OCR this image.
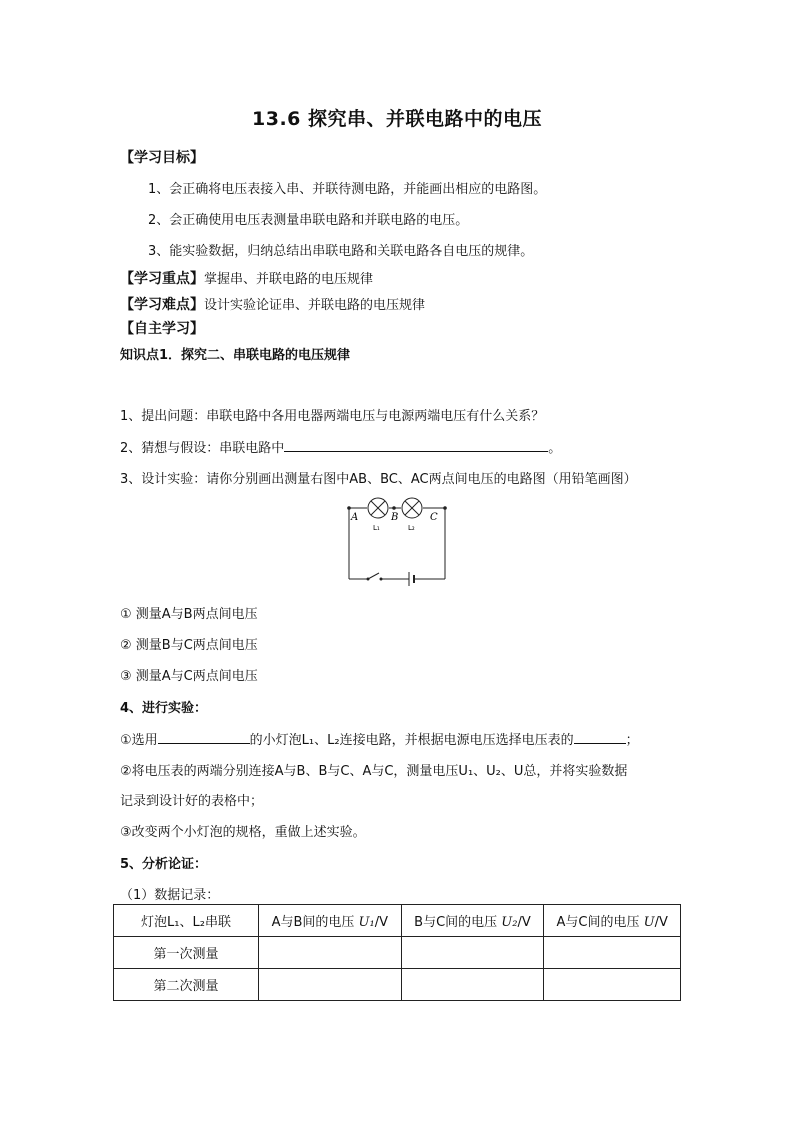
13.6 探究串、并联电路中的电压
【学习目标】
1、会正确将电压表接入串、并联待测电路，并能画出相应的电路图。
2、会正确使用电压表测量串联电路和并联电路的电压。
3、能实验数据，归纳总结出串联电路和关联电路各自电压的规律。
【学习重点】掌握串、并联电路的电压规律
【学习难点】设计实验论证串、并联电路的电压规律
【自主学习】
知识点1．探究二、串联电路的电压规律
1、提出问题：串联电路中各用电器两端电压与电源两端电压有什么关系？
2、猜想与假设：串联电路中	。
3、设计实验：请你分别画出测量右图中AB、BC、AC两点间电压的电路图（用铅笔画图）
A	B	C
L₁	L₂
① 测量A与B两点间电压
② 测量B与C两点间电压
③ 测量A与C两点间电压
4、进行实验：
①选用	的小灯泡L₁、L₂连接电路，并根据电源电压选择电压表的	；
②将电压表的两端分别连接A与B、B与C、A与C，测量电压U₁、U₂、U总，并将实验数据
记录到设计好的表格中；
③改变两个小灯泡的规格，重做上述实验。
5、分析论证：
（1）数据记录：
灯泡L₁、L₂串联	A与B间的电压 U₁/V	B与C间的电压 U₂/V	A与C间的电压 U/V
第一次测量			
第二次测量			
